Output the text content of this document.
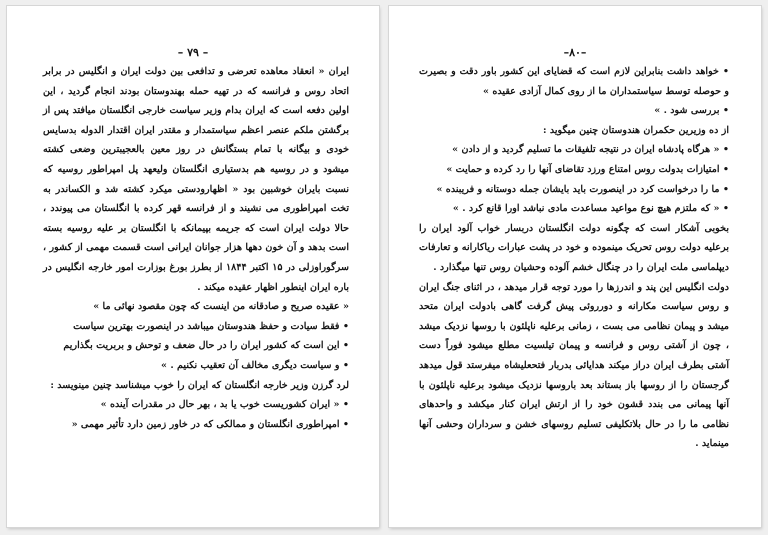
– ۷۹ –

ایران « انعقاد معاهده تعرضی و تدافعی بین دولت ایران و انگلیس در برابر اتحاد روس و فرانسه که در تهیه حمله بهندوستان بودند انجام گردید ، این اولین دفعه است که ایران بدام وزیر سیاست خارجی انگلستان میافتد پس از برگشتن ملکم عنصر اعظم سیاستمدار و مقتدر ایران اقتدار الدوله بدسایس خودی و بیگانه با تمام بستگانش در روز معین بالعجیبترین وضعی کشته میشود و در روسیه هم بدستیاری انگلستان ولیعهد پل امپراطور روسیه که نسبت بایران خوشبین بود « اظهارودستی میکرد کشته شد و الکساندر به تخت امپراطوری می نشیند و از فرانسه قهر کرده با انگلستان می پیوندد ، حالا دولت ایران است که جریمه بپیمانکه با انگلستان بر علیه روسیه بسته است بدهد و آن خون دهها هزار جوانان ایرانی است قسمت مهمی از کشور ، سرگوراوزلی در ۱۵ اکتبر ۱۸۴۴ از بطرز بورغ بوزارت امور خارجه انگلیس در باره ایران اینطور اظهار عقیده میکند .

« عقیده صریح و صادقانه من اینست که چون مقصود نهائی ما »

• فقط سیادت و حفظ هندوستان میباشد در اینصورت بهترین سیاست

• این است که کشور ایران را در حال ضعف و توحش و بربریت بگذاریم

• و سیاست دیگری مخالف آن تعقیب نکنیم . »

لرد گرزن وزیر خارجه انگلستان که ایران را خوب میشناسد چنین مینویسد :

• « ایران کشوریست خوب یا بد ، بهر حال در مقدرات آینده »

• امپراطوری انگلستان و ممالکی که در خاور زمین دارد تأثیر مهمی «

–۸۰–

• خواهد داشت بنابراین لازم است که قضایای این کشور باور دقت و بصیرت و حوصله توسط سیاستمداران ما از روی کمال آزادی عقیده »

• بررسی شود . »

از ده وزیرین حکمران هندوستان چنین میگوید :

• « هرگاه پادشاه ایران در نتیجه تلفیقات ما تسلیم گردید و از دادن »

• امتیازات بدولت روس امتناع ورزد تقاضای آنها را رد کرده و حمایت »

• ما را درخواست کرد در اینصورت باید بایشان جمله دوستانه و فریبنده »

• « که ملتزم هیچ نوع مواعید مساعدت مادی نباشد اورا قانع کرد . »

بخوبی آشکار است که چگونه دولت انگلستان دربسار خواب آلود ایران را برعلیه دولت روس تحریک مینموده و خود در پشت عبارات ریاکارانه و تعارفات دیپلماسی ملت ایران را در چنگال خشم آلوده وحشیان روس تنها میگذارد .

دولت انگلیس این پند و اندرزها را مورد توجه قرار میدهد ، در اثنای جنگ ایران و روس سیاست مکارانه و دورروئی پیش گرفت گاهی بادولت ایران متحد میشد و پیمان نظامی می بست ، زمانی برعلیه ناپلئون با روسها نزدیک میشد ، چون از آشتی روس و فرانسه و پیمان تیلسیت مطلع میشود فوراً دست آشتی بطرف ایران دراز میکند هدایائی بدربار فتحعلیشاه میفرستد قول میدهد گرجستان را از روسها باز بستاند بعد باروسها نزدیک میشود برعلیه ناپلئون با آنها پیمانی می بندد قشون خود را از ارتش ایران کنار میکشد و واحدهای نظامی ما را در حال بلاتکلیفی تسلیم روسهای خشن و سرداران وحشی آنها مینماید .
